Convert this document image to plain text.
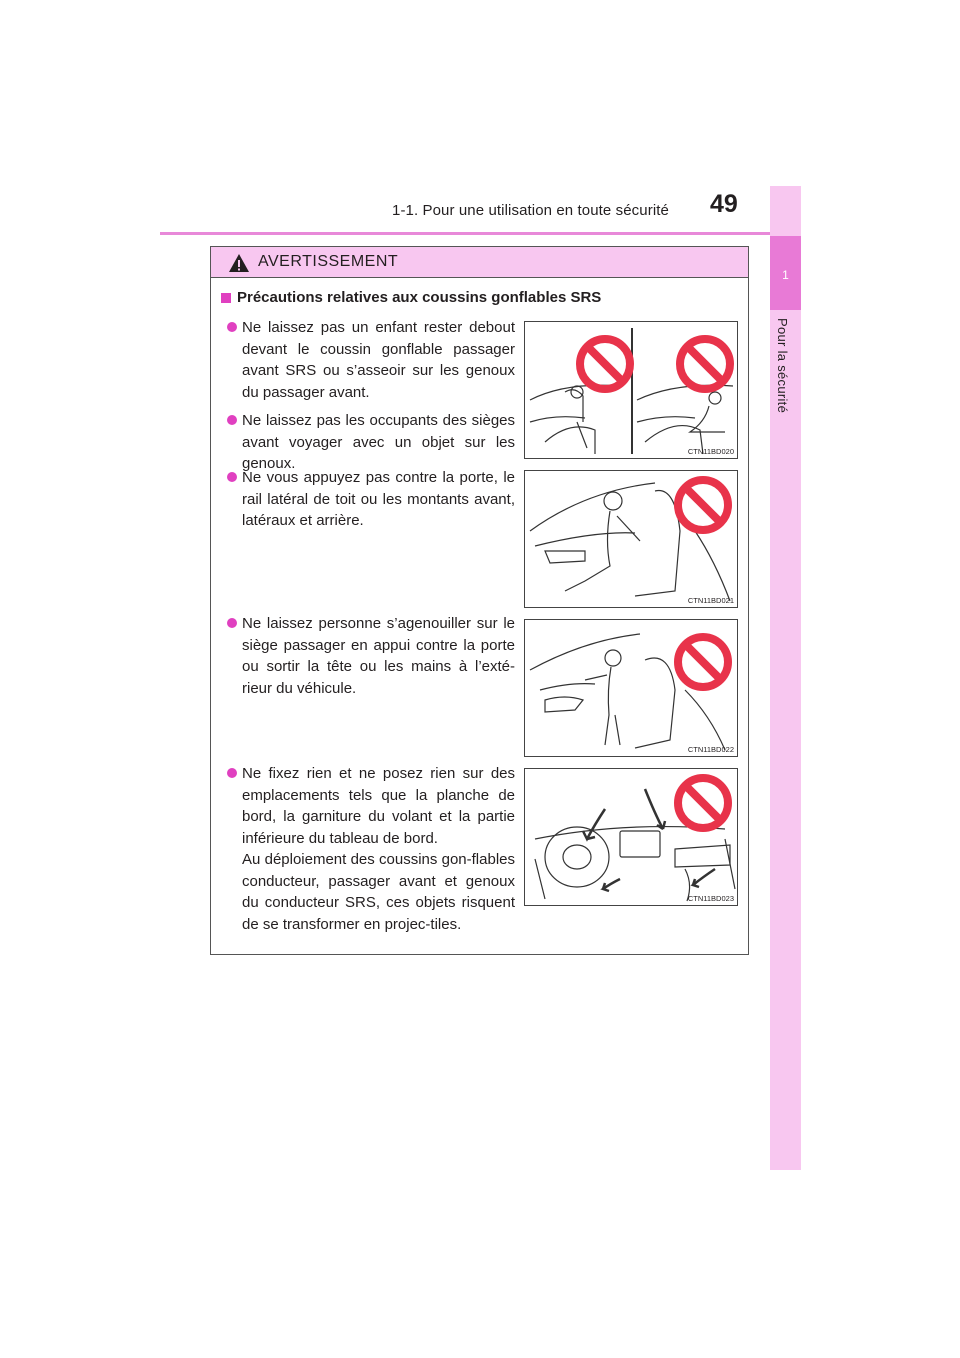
1-1. Pour une utilisation en toute sécurité 49
1
Pour la sécurité
AVERTISSEMENT
Précautions relatives aux coussins gonflables SRS
Ne laissez pas un enfant rester debout devant le coussin gonflable passager avant SRS ou s’asseoir sur les genoux du passager avant.
Ne laissez pas les occupants des sièges avant voyager avec un objet sur les genoux.
Ne vous appuyez pas contre la porte, le rail latéral de toit ou les montants avant, latéraux et arrière.
Ne laissez personne s’agenouiller sur le siège passager en appui contre la porte ou sortir la tête ou les mains à l’exté-rieur du véhicule.
Ne fixez rien et ne posez rien sur des emplacements tels que la planche de bord, la garniture du volant et la partie inférieure du tableau de bord.
Au déploiement des coussins gon-flables conducteur, passager avant et genoux du conducteur SRS, ces objets risquent de se transformer en projec-tiles.
CTN11BD020
CTN11BD021
CTN11BD022
CTN11BD023
